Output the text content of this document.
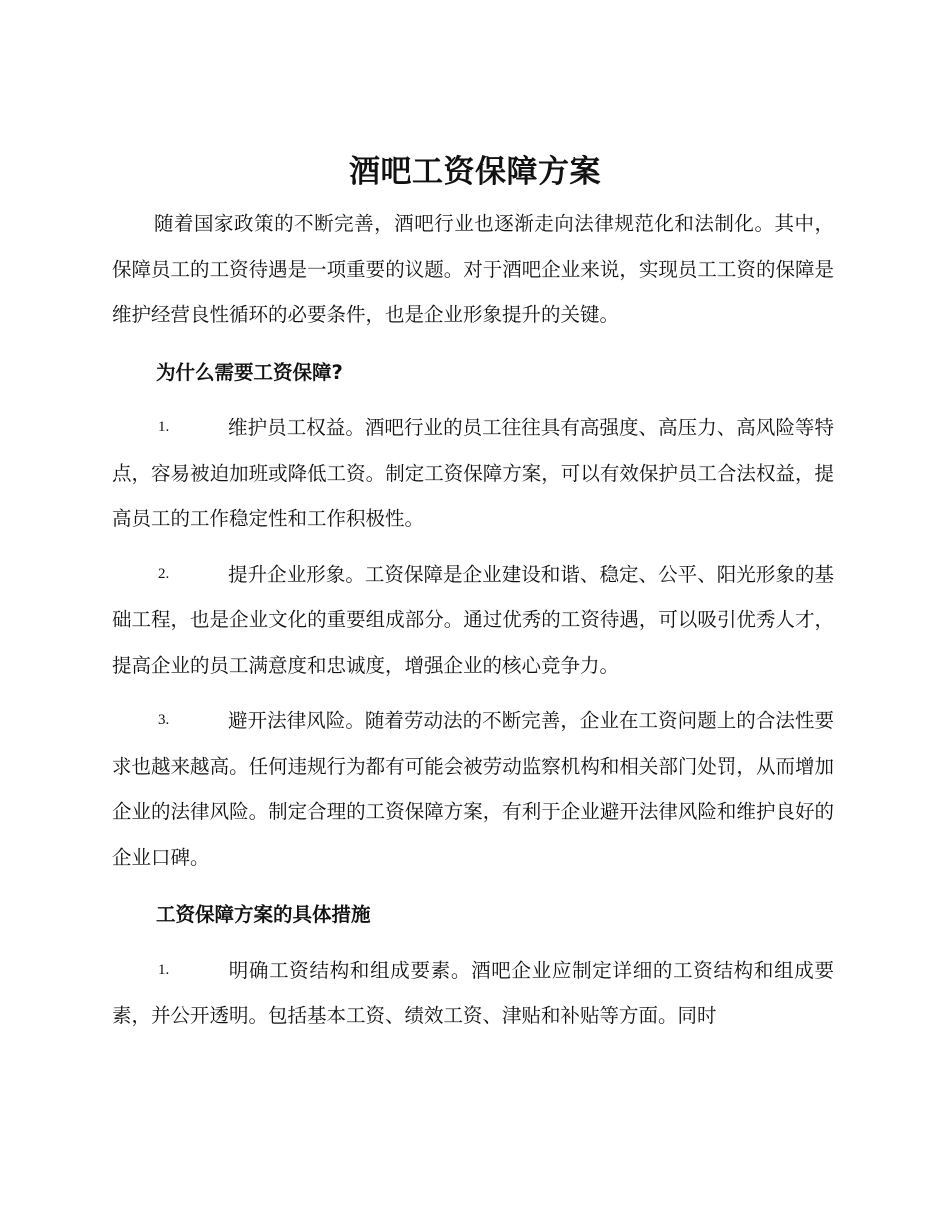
酒吧工资保障方案

随着国家政策的不断完善，酒吧行业也逐渐走向法律规范化和法制化。其中，保障员工的工资待遇是一项重要的议题。对于酒吧企业来说，实现员工工资的保障是维护经营良性循环的必要条件，也是企业形象提升的关键。

为什么需要工资保障?

1.	维护员工权益。酒吧行业的员工往往具有高强度、高压力、高风险等特点，容易被迫加班或降低工资。制定工资保障方案，可以有效保护员工合法权益，提高员工的工作稳定性和工作积极性。

2.	提升企业形象。工资保障是企业建设和谐、稳定、公平、阳光形象的基础工程，也是企业文化的重要组成部分。通过优秀的工资待遇，可以吸引优秀人才，提高企业的员工满意度和忠诚度，增强企业的核心竞争力。

3.	避开法律风险。随着劳动法的不断完善，企业在工资问题上的合法性要求也越来越高。任何违规行为都有可能会被劳动监察机构和相关部门处罚，从而增加企业的法律风险。制定合理的工资保障方案，有利于企业避开法律风险和维护良好的企业口碑。

工资保障方案的具体措施

1.	明确工资结构和组成要素。酒吧企业应制定详细的工资结构和组成要素，并公开透明。包括基本工资、绩效工资、津贴和补贴等方面。同时
